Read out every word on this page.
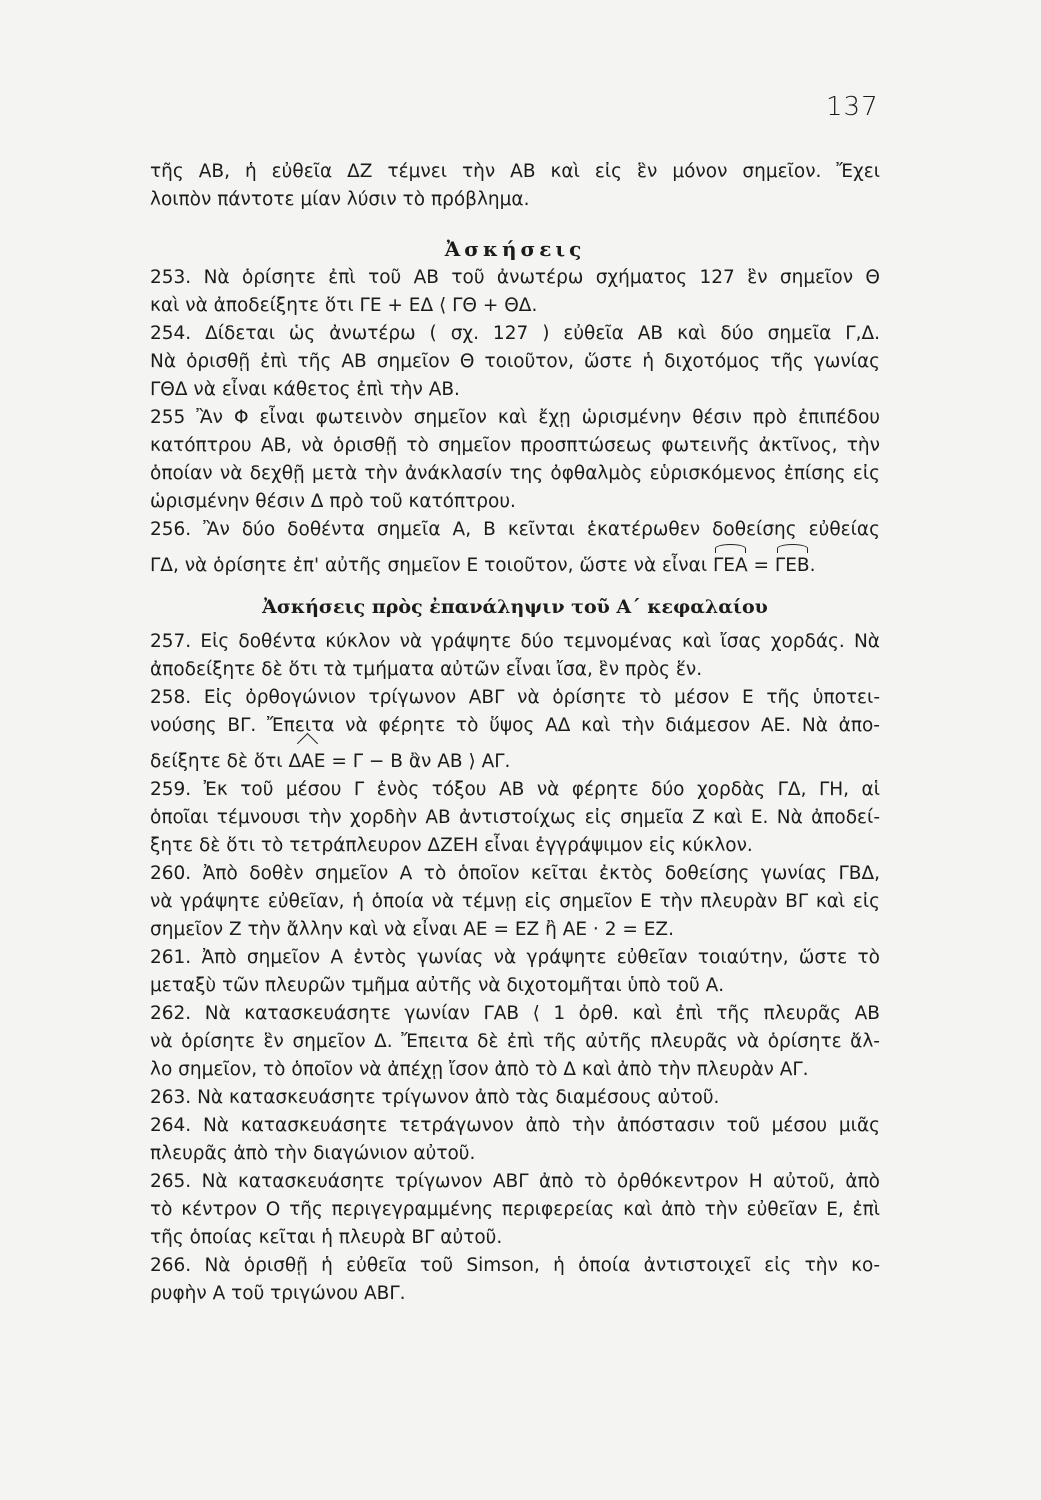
137
τῆς ΑΒ, ἡ εὐθεῖα ΔΖ τέμνει τὴν ΑΒ καὶ εἰς ἓν μόνον σημεῖον. Ἔχει
λοιπὸν πάντοτε μίαν λύσιν τὸ πρόβλημα.
Ἀσκήσεις
253. Νὰ ὁρίσητε ἐπὶ τοῦ ΑΒ τοῦ ἀνωτέρω σχήματος 127 ἓν σημεῖον Θ
καὶ νὰ ἀποδείξητε ὅτι ΓΕ + ΕΔ ⟨ ΓΘ + ΘΔ.
254. Δίδεται ὡς ἀνωτέρω ( σχ. 127 ) εὐθεῖα ΑΒ καὶ δύο σημεῖα Γ,Δ.
Νὰ ὁρισθῇ ἐπὶ τῆς ΑΒ σημεῖον Θ τοιοῦτον, ὥστε ἡ διχοτόμος τῆς γωνίας
ΓΘΔ νὰ εἶναι κάθετος ἐπὶ τὴν ΑΒ.
255 Ἂν Φ εἶναι φωτεινὸν σημεῖον καὶ ἔχῃ ὡρισμένην θέσιν πρὸ ἐπιπέδου
κατόπτρου ΑΒ, νὰ ὁρισθῇ τὸ σημεῖον προσπτώσεως φωτεινῆς ἀκτῖνος, τὴν
ὁποίαν νὰ δεχθῇ μετὰ τὴν ἀνάκλασίν της ὀφθαλμὸς εὑρισκόμενος ἐπίσης εἰς
ὡρισμένην θέσιν Δ πρὸ τοῦ κατόπτρου.
256. Ἂν δύο δοθέντα σημεῖα Α, Β κεῖνται ἑκατέρωθεν δοθείσης εὐθείας
ΓΔ, νὰ ὁρίσητε ἐπ' αὐτῆς σημεῖον Ε τοιοῦτον, ὥστε νὰ εἶναι ΓΕΑ = ΓΕΒ.
Ἀσκήσεις πρὸς ἐπανάληψιν τοῦ Α΄ κεφαλαίου
257. Εἰς δοθέντα κύκλον νὰ γράψητε δύο τεμνομένας καὶ ἴσας χορδάς. Νὰ
ἀποδείξητε δὲ ὅτι τὰ τμήματα αὐτῶν εἶναι ἴσα, ἓν πρὸς ἕν.
258. Εἰς ὀρθογώνιον τρίγωνον ΑΒΓ νὰ ὁρίσητε τὸ μέσον Ε τῆς ὑποτει-
νούσης ΒΓ. Ἔπειτα νὰ φέρητε τὸ ὕψος ΑΔ καὶ τὴν διάμεσον ΑΕ. Νὰ ἀπο-
δείξητε δὲ ὅτι ΔΑΕ = Γ − Β ἂν ΑΒ ⟩ ΑΓ.
259. Ἐκ τοῦ μέσου Γ ἑνὸς τόξου ΑΒ νὰ φέρητε δύο χορδὰς ΓΔ, ΓΗ, αἱ
ὁποῖαι τέμνουσι τὴν χορδὴν ΑΒ ἀντιστοίχως εἰς σημεῖα Ζ καὶ Ε. Νὰ ἀποδεί-
ξητε δὲ ὅτι τὸ τετράπλευρον ΔΖΕΗ εἶναι ἐγγράψιμον εἰς κύκλον.
260. Ἀπὸ δοθὲν σημεῖον Α τὸ ὁποῖον κεῖται ἐκτὸς δοθείσης γωνίας ΓΒΔ,
νὰ γράψητε εὐθεῖαν, ἡ ὁποία νὰ τέμνῃ εἰς σημεῖον Ε τὴν πλευρὰν ΒΓ καὶ εἰς
σημεῖον Ζ τὴν ἄλλην καὶ νὰ εἶναι ΑΕ = ΕΖ ἢ ΑΕ · 2 = ΕΖ.
261. Ἀπὸ σημεῖον Α ἐντὸς γωνίας νὰ γράψητε εὐθεῖαν τοιαύτην, ὥστε τὸ
μεταξὺ τῶν πλευρῶν τμῆμα αὐτῆς νὰ διχοτομῆται ὑπὸ τοῦ Α.
262. Νὰ κατασκευάσητε γωνίαν ΓΑΒ ⟨ 1 ὀρθ. καὶ ἐπὶ τῆς πλευρᾶς ΑΒ
νὰ ὁρίσητε ἓν σημεῖον Δ. Ἔπειτα δὲ ἐπὶ τῆς αὐτῆς πλευρᾶς νὰ ὁρίσητε ἄλ-
λο σημεῖον, τὸ ὁποῖον νὰ ἀπέχῃ ἴσον ἀπὸ τὸ Δ καὶ ἀπὸ τὴν πλευρὰν ΑΓ.
263. Νὰ κατασκευάσητε τρίγωνον ἀπὸ τὰς διαμέσους αὐτοῦ.
264. Νὰ κατασκευάσητε τετράγωνον ἀπὸ τὴν ἀπόστασιν τοῦ μέσου μιᾶς
πλευρᾶς ἀπὸ τὴν διαγώνιον αὐτοῦ.
265. Νὰ κατασκευάσητε τρίγωνον ΑΒΓ ἀπὸ τὸ ὀρθόκεντρον Η αὐτοῦ, ἀπὸ
τὸ κέντρον Ο τῆς περιγεγραμμένης περιφερείας καὶ ἀπὸ τὴν εὐθεῖαν Ε, ἐπὶ
τῆς ὁποίας κεῖται ἡ πλευρὰ ΒΓ αὐτοῦ.
266. Νὰ ὁρισθῇ ἡ εὐθεῖα τοῦ Simson, ἡ ὁποία ἀντιστοιχεῖ εἰς τὴν κο-
ρυφὴν Α τοῦ τριγώνου ΑΒΓ.
